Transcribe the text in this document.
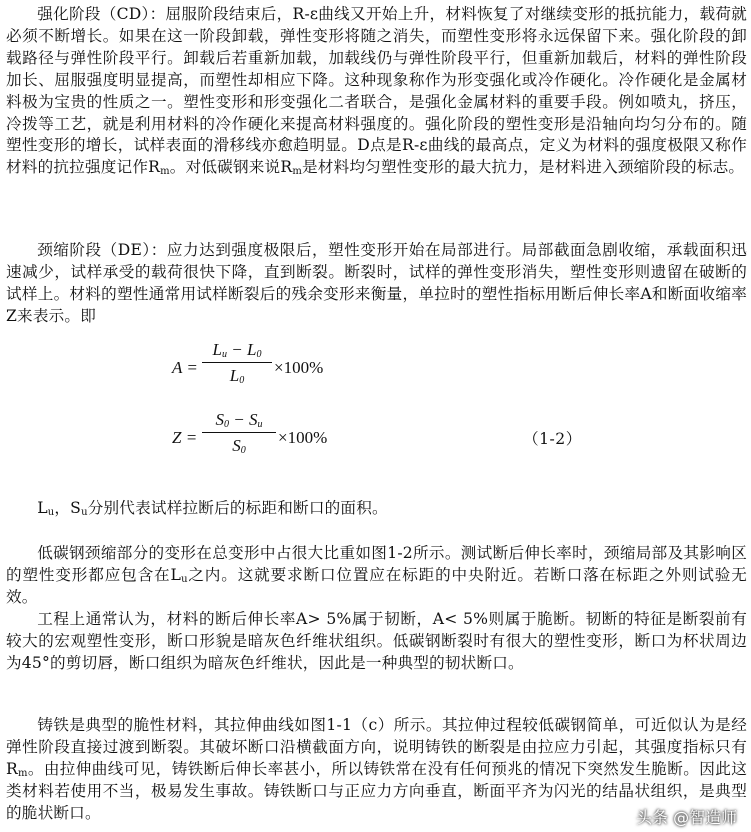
强化阶段（CD）：屈服阶段结束后，R-ε曲线又开始上升，材料恢复了对继续变形的抵抗能力，载荷就必须不断增长。如果在这一阶段卸载，弹性变形将随之消失，而塑性变形将永远保留下来。强化阶段的卸载路径与弹性阶段平行。卸载后若重新加载，加载线仍与弹性阶段平行，但重新加载后，材料的弹性阶段加长、屈服强度明显提高，而塑性却相应下降。这种现象称作为形变强化或冷作硬化。冷作硬化是金属材料极为宝贵的性质之一。塑性变形和形变强化二者联合，是强化金属材料的重要手段。例如喷丸，挤压，冷拨等工艺，就是利用材料的冷作硬化来提高材料强度的。强化阶段的塑性变形是沿轴向均匀分布的。随塑性变形的增长，试样表面的滑移线亦愈趋明显。D点是R-ε曲线的最高点，定义为材料的强度极限又称作材料的抗拉强度记作$R_m$。对低碳钢来说$R_m$是材料均匀塑性变形的最大抗力，是材料进入颈缩阶段的标志。

颈缩阶段（DE）：应力达到强度极限后，塑性变形开始在局部进行。局部截面急剧收缩，承载面积迅速减少，试样承受的载荷很快下降，直到断裂。断裂时，试样的弹性变形消失，塑性变形则遗留在破断的试样上。材料的塑性通常用试样断裂后的残余变形来衡量，单拉时的塑性指标用断后伸长率A和断面收缩率Z来表示。即

A =
$L_u - L_0$
$L_0$
×100%
Z =
$S_0 - S_u$
$S_0$
×100%	（1-2）

$L_u$，$S_u$分别代表试样拉断后的标距和断口的面积。

低碳钢颈缩部分的变形在总变形中占很大比重如图1-2所示。测试断后伸长率时，颈缩局部及其影响区的塑性变形都应包含在$L_u$之内。这就要求断口位置应在标距的中央附近。若断口落在标距之外则试验无效。

工程上通常认为，材料的断后伸长率A> 5%属于韧断，A< 5%则属于脆断。韧断的特征是断裂前有较大的宏观塑性变形，断口形貌是暗灰色纤维状组织。低碳钢断裂时有很大的塑性变形，断口为杯状周边为45°的剪切唇，断口组织为暗灰色纤维状，因此是一种典型的韧状断口。

铸铁是典型的脆性材料，其拉伸曲线如图1-1（c）所示。其拉伸过程较低碳钢简单，可近似认为是经弹性阶段直接过渡到断裂。其破坏断口沿横截面方向，说明铸铁的断裂是由拉应力引起，其强度指标只有$R_m$。由拉伸曲线可见，铸铁断后伸长率甚小，所以铸铁常在没有任何预兆的情况下突然发生脆断。因此这类材料若使用不当，极易发生事故。铸铁断口与正应力方向垂直，断面平齐为闪光的结晶状组织，是典型的脆状断口。	头条 @智造师
